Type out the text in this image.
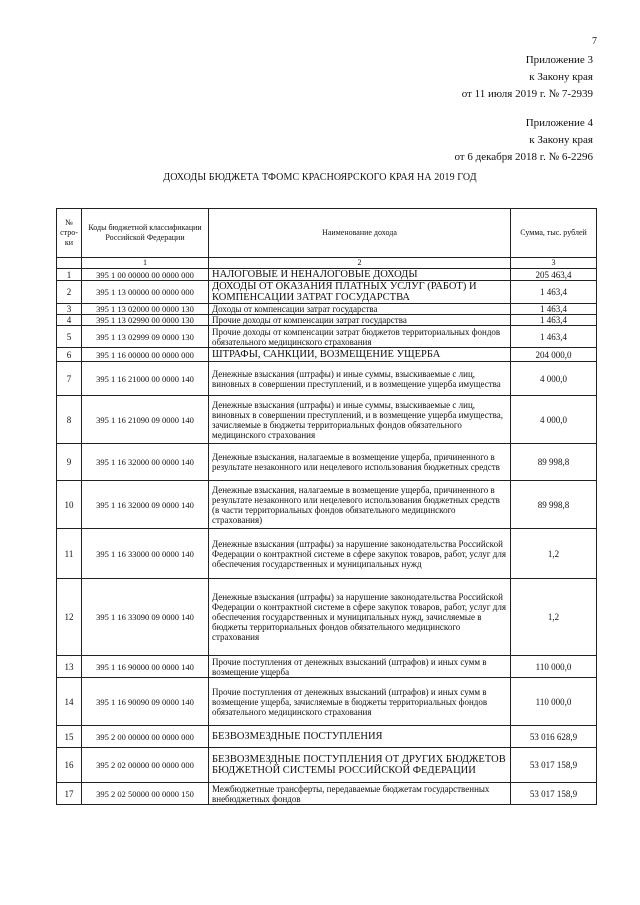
7
Приложение 3
к Закону края
от 11 июля 2019 г. № 7-2939
Приложение 4
к Закону края
от 6 декабря 2018 г. № 6-2296
ДОХОДЫ БЮДЖЕТА ТФОМС КРАСНОЯРСКОГО КРАЯ НА 2019 ГОД
№ стро-ки	Коды бюджетной классификации Российской Федерации	Наименование дохода	Сумма, тыс. рублей
	1	2	3
1	395 1 00 00000 00 0000 000	НАЛОГОВЫЕ И НЕНАЛОГОВЫЕ ДОХОДЫ	205 463,4
2	395 1 13 00000 00 0000 000	ДОХОДЫ ОТ ОКАЗАНИЯ ПЛАТНЫХ УСЛУГ (РАБОТ) И КОМПЕНСАЦИИ ЗАТРАТ ГОСУДАРСТВА	1 463,4
3	395 1 13 02000 00 0000 130	Доходы от компенсации затрат государства	1 463,4
4	395 1 13 02990 00 0000 130	Прочие доходы от компенсации затрат государства	1 463,4
5	395 1 13 02999 09 0000 130	Прочие доходы от компенсации затрат бюджетов территориальных фондов обязательного медицинского страхования	1 463,4
6	395 1 16 00000 00 0000 000	ШТРАФЫ, САНКЦИИ, ВОЗМЕЩЕНИЕ УЩЕРБА	204 000,0
7	395 1 16 21000 00 0000 140	Денежные взыскания (штрафы) и иные суммы, взыскиваемые с лиц, виновных в совершении преступлений, и в возмещение ущерба имущества	4 000,0
8	395 1 16 21090 09 0000 140	Денежные взыскания (штрафы) и иные суммы, взыскиваемые с лиц, виновных в совершении преступлений, и в возмещение ущерба имущества, зачисляемые в бюджеты территориальных фондов обязательного медицинского страхования	4 000,0
9	395 1 16 32000 00 0000 140	Денежные взыскания, налагаемые в возмещение ущерба, причиненного в результате незаконного или нецелевого использования бюджетных средств	89 998,8
10	395 1 16 32000 09 0000 140	Денежные взыскания, налагаемые в возмещение ущерба, причиненного в результате незаконного или нецелевого использования бюджетных средств (в части территориальных фондов обязательного медицинского страхования)	89 998,8
11	395 1 16 33000 00 0000 140	Денежные взыскания (штрафы) за нарушение законодательства Российской Федерации о контрактной системе в сфере закупок товаров, работ, услуг для обеспечения государственных и муниципальных нужд	1,2
12	395 1 16 33090 09 0000 140	Денежные взыскания (штрафы) за нарушение законодательства Российской Федерации о контрактной системе в сфере закупок товаров, работ, услуг для обеспечения государственных и муниципальных нужд, зачисляемые в бюджеты территориальных фондов обязательного медицинского страхования	1,2
13	395 1 16 90000 00 0000 140	Прочие поступления от денежных взысканий (штрафов) и иных сумм в возмещение ущерба	110 000,0
14	395 1 16 90090 09 0000 140	Прочие поступления от денежных взысканий (штрафов) и иных сумм в возмещение ущерба, зачисляемые в бюджеты территориальных фондов обязательного медицинского страхования	110 000,0
15	395 2 00 00000 00 0000 000	БЕЗВОЗМЕЗДНЫЕ ПОСТУПЛЕНИЯ	53 016 628,9
16	395 2 02 00000 00 0000 000	БЕЗВОЗМЕЗДНЫЕ ПОСТУПЛЕНИЯ ОТ ДРУГИХ БЮДЖЕТОВ БЮДЖЕТНОЙ СИСТЕМЫ РОССИЙСКОЙ ФЕДЕРАЦИИ	53 017 158,9
17	395 2 02 50000 00 0000 150	Межбюджетные трансферты, передаваемые бюджетам государственных внебюджетных фондов	53 017 158,9
